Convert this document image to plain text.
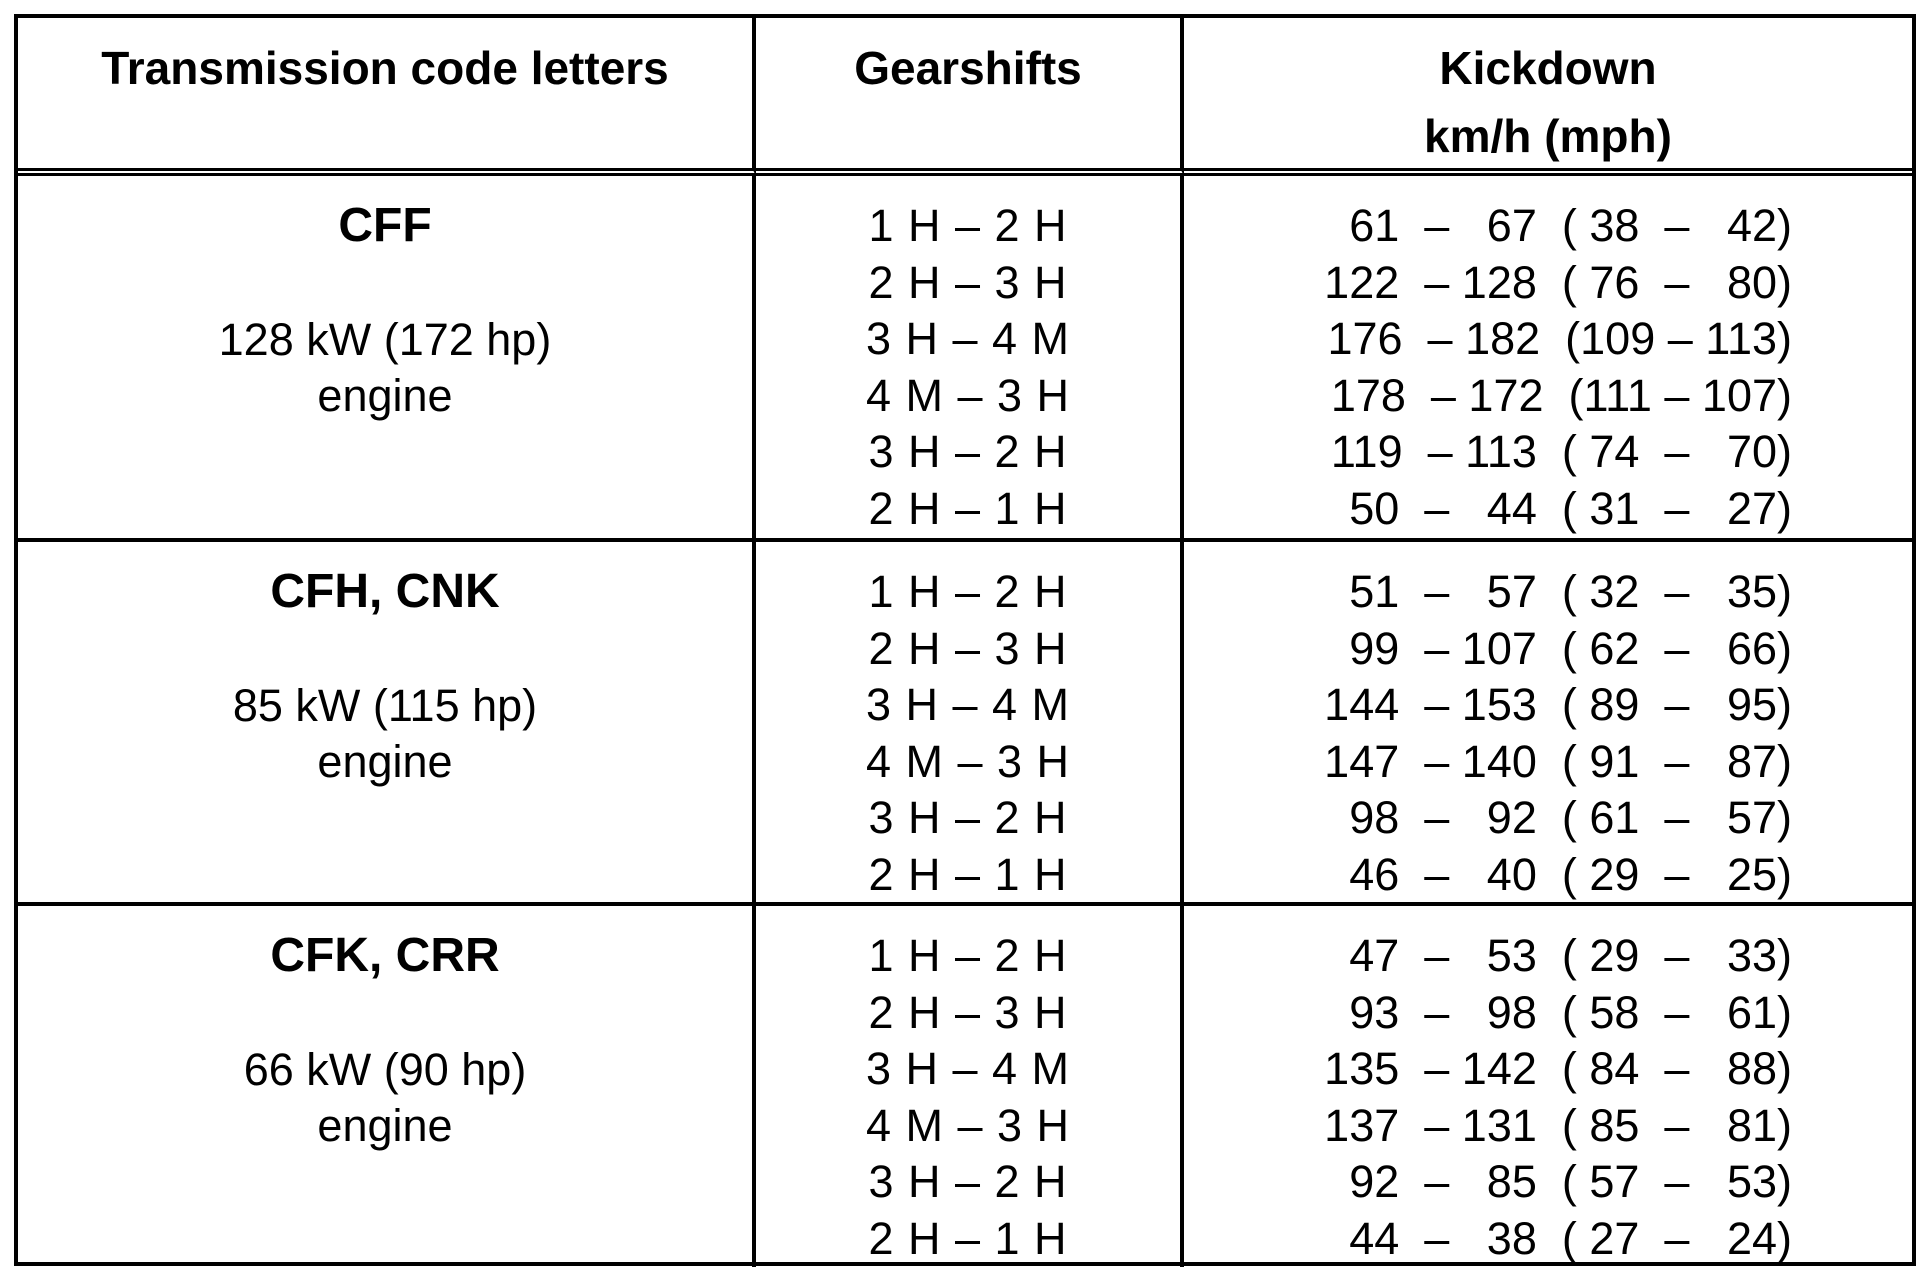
Transmission code letters	Gearshifts	Kickdown
km/h (mph)
CFF
128 kW (172 hp)
engine
1 H – 2 H
2 H – 3 H
3 H – 4 M
4 M – 3 H
3 H – 2 H
2 H – 1 H
61  –   67  ( 38  –   42)
122  – 128  ( 76  –   80)
176  – 182  (109 – 113)
178  – 172  (111 – 107)
119  – 113  ( 74  –   70)
50  –   44  ( 31  –   27)
CFH, CNK
85 kW (115 hp)
engine
1 H – 2 H
2 H – 3 H
3 H – 4 M
4 M – 3 H
3 H – 2 H
2 H – 1 H
51  –   57  ( 32  –   35)
99  – 107  ( 62  –   66)
144  – 153  ( 89  –   95)
147  – 140  ( 91  –   87)
98  –   92  ( 61  –   57)
46  –   40  ( 29  –   25)
CFK, CRR
66 kW (90 hp)
engine
1 H – 2 H
2 H – 3 H
3 H – 4 M
4 M – 3 H
3 H – 2 H
2 H – 1 H
47  –   53  ( 29  –   33)
93  –   98  ( 58  –   61)
135  – 142  ( 84  –   88)
137  – 131  ( 85  –   81)
92  –   85  ( 57  –   53)
44  –   38  ( 27  –   24)
